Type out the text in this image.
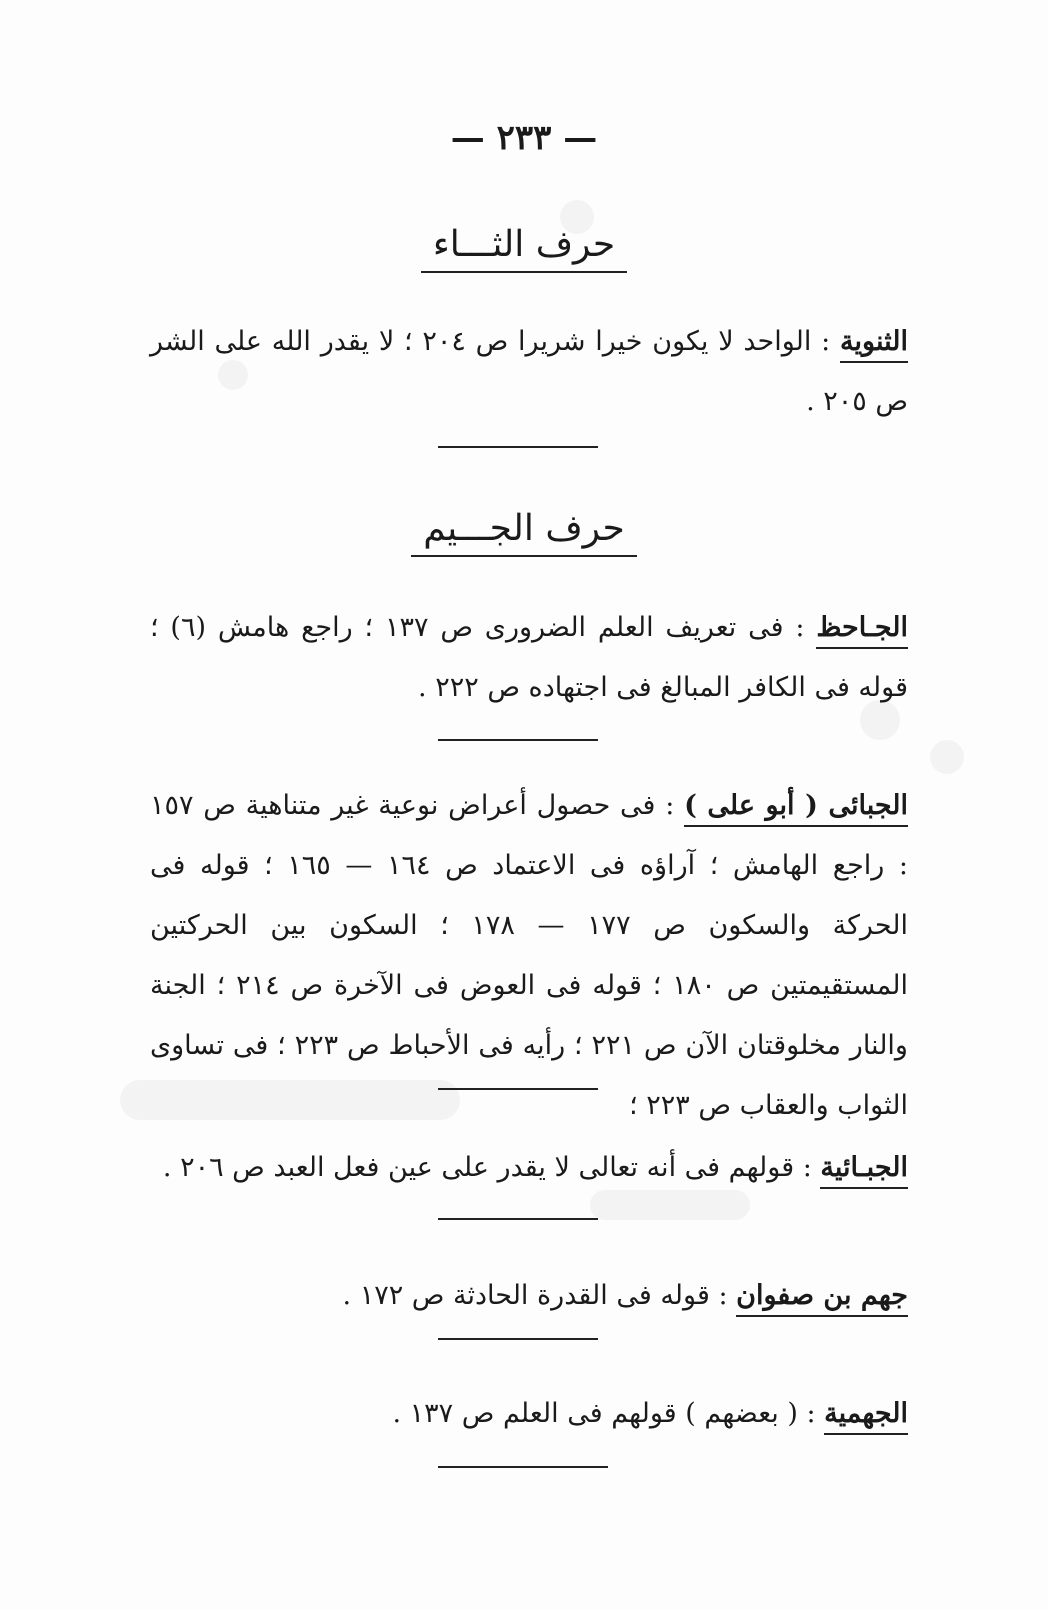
— ٢٣٣ —
حرف الثـــاء
الثنوية : الواحد لا يكون خيرا شريرا ص ٢٠٤ ؛ لا يقدر الله على الشر ص ٢٠٥ .
حرف الجـــيم
الجـاحظ : فى تعريف العلم الضرورى ص ١٣٧ ؛ راجع هامش (٦) ؛ قوله فى الكافر المبالغ فى اجتهاده ص ٢٢٢ .
الجبائى ( أبو على ) : فى حصول أعراض نوعية غير متناهية ص ١٥٧ : راجع الهامش ؛ آراؤه فى الاعتماد ص ١٦٤ — ١٦٥ ؛ قوله فى الحركة والسكون ص ١٧٧ — ١٧٨ ؛ السكون بين الحركتين المستقيمتين ص ١٨٠ ؛ قوله فى العوض فى الآخرة ص ٢١٤ ؛ الجنة والنار مخلوقتان الآن ص ٢٢١ ؛ رأيه فى الأحباط ص ٢٢٣ ؛ فى تساوى الثواب والعقاب ص ٢٢٣ ؛
الجبـائية : قولهم فى أنه تعالى لا يقدر على عين فعل العبد ص ٢٠٦ .
جهم بن صفوان : قوله فى القدرة الحادثة ص ١٧٢ .
الجهمية : ( بعضهم ) قولهم فى العلم ص ١٣٧ .
